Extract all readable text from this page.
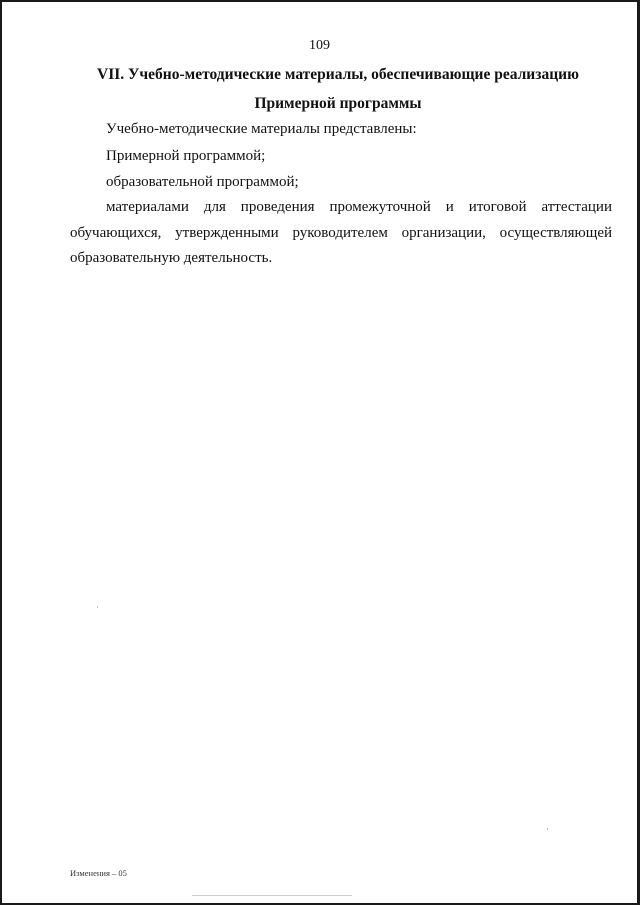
109
VII. Учебно-методические материалы, обеспечивающие реализацию
Примерной программы
Учебно-методические материалы представлены:
Примерной программой;
образовательной программой;
материалами для проведения промежуточной и итоговой аттестации
обучающихся, утвержденными руководителем организации, осуществляющей
образовательную деятельность.
Изменения – 05
